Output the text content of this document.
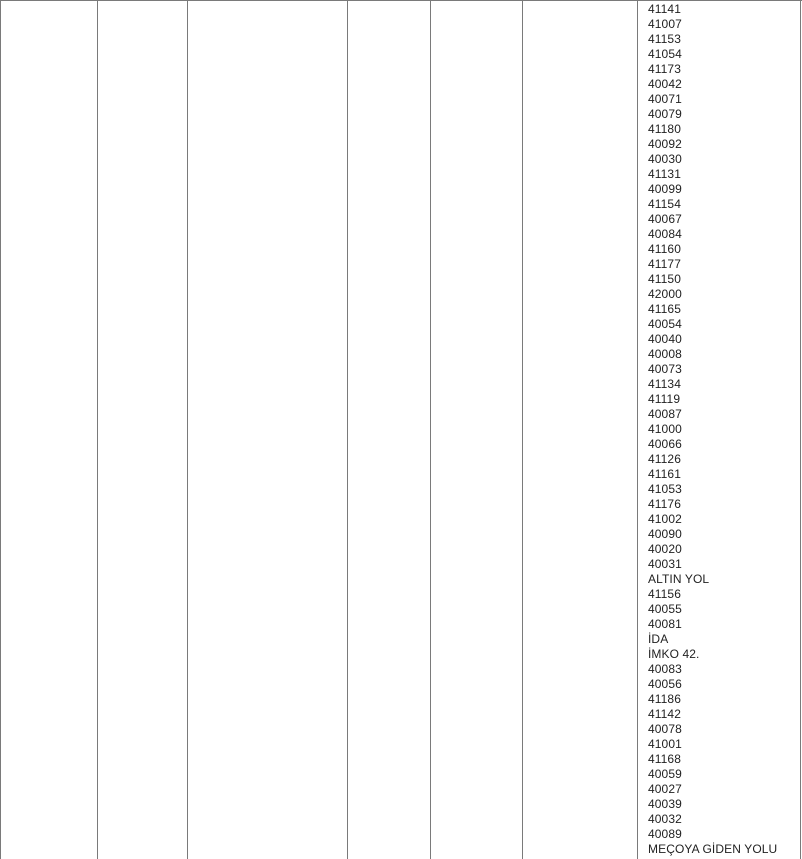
41141
41007
41153
41054
41173
40042
40071
40079
41180
40092
40030
41131
40099
41154
40067
40084
41160
41177
41150
42000
41165
40054
40040
40008
40073
41134
41119
40087
41000
40066
41126
41161
41053
41176
41002
40090
40020
40031
ALTIN YOL
41156
40055
40081
İDA
İMKO 42.
40083
40056
41186
41142
40078
41001
41168
40059
40027
40039
40032
40089
MEÇOYA GİDEN YOLU
